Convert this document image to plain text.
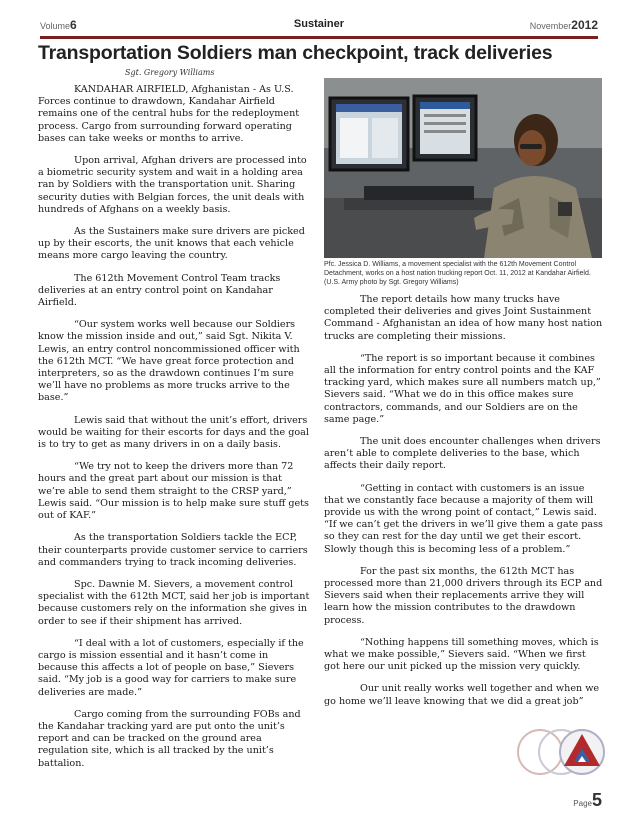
Volume6	Sustainer	November2012
Transportation Soldiers man checkpoint, track deliveries
Sgt. Gregory Williams

KANDAHAR AIRFIELD, Afghanistan - As U.S. Forces continue to drawdown, Kandahar Airfield remains one of the central hubs for the redeployment process. Cargo from surrounding forward operating bases can take weeks or months to arrive.

Upon arrival, Afghan drivers are processed into a biometric security system and wait in a holding area ran by Soldiers with the transportation unit. Sharing security duties with Belgian forces, the unit deals with hundreds of Afghans on a weekly basis.

As the Sustainers make sure drivers are picked up by their escorts, the unit knows that each vehicle means more cargo leaving the country.

The 612th Movement Control Team tracks deliveries at an entry control point on Kandahar Airfield.

“Our system works well because our Soldiers know the mission inside and out,” said Sgt. Nikita V. Lewis, an entry control noncommissioned officer with the 612th MCT. “We have great force protection and interpreters, so as the drawdown continues I’m sure we’ll have no problems as more trucks arrive to the base.”

Lewis said that without the unit’s effort, drivers would be waiting for their escorts for days and the goal is to try to get as many drivers in on a daily basis.

“We try not to keep the drivers more than 72 hours and the great part about our mission is that we’re able to send them straight to the CRSP yard,” Lewis said. “Our mission is to help make sure stuff gets out of KAF.”

As the transportation Soldiers tackle the ECP, their counterparts provide customer service to carriers and commanders trying to track incoming deliveries.

Spc. Dawnie M. Sievers, a movement control specialist with the 612th MCT, said her job is important because customers rely on the information she gives in order to see if their shipment has arrived.

“I deal with a lot of customers, especially if the cargo is mission essential and it hasn’t come in because this affects a lot of people on base,” Sievers said. “My job is a good way for carriers to make sure deliveries are made.”

Cargo coming from the surrounding FOBs and the Kandahar tracking yard are put onto the unit’s report and can be tracked on the ground area regulation site, which is all tracked by the unit’s battalion.

Pfc. Jessica D. Williams, a movement specialist with the 612th Movement Control Detachment, works on a host nation trucking report Oct. 11, 2012 at Kandahar Airfield.(U.S. Army photo by Sgt. Gregory Williams)

The report details how many trucks have completed their deliveries and gives Joint Sustainment Command - Afghanistan an idea of how many host nation trucks are completing their missions.

“The report is so important because it combines all the information for entry control points and the KAF tracking yard, which makes sure all numbers match up,” Sievers said. “What we do in this office makes sure contractors, commands, and our Soldiers are on the same page.”

The unit does encounter challenges when drivers aren’t able to complete deliveries to the base, which affects their daily report.

“Getting in contact with customers is an issue that we constantly face because a majority of them will provide us with the wrong point of contact,” Lewis said. “If we can’t get the drivers in we’ll give them a gate pass so they can rest for the day until we get their escort. Slowly though this is becoming less of a problem.”

For the past six months, the 612th MCT has processed more than 21,000 drivers through its ECP and Sievers said when their replacements arrive they will learn how the mission contributes to the drawdown process.

“Nothing happens till something moves, which is what we make possible,” Sievers said. “When we first got here our unit picked up the mission very quickly.

Our unit really works well together and when we go home we’ll leave knowing that we did a great job”

Page5
